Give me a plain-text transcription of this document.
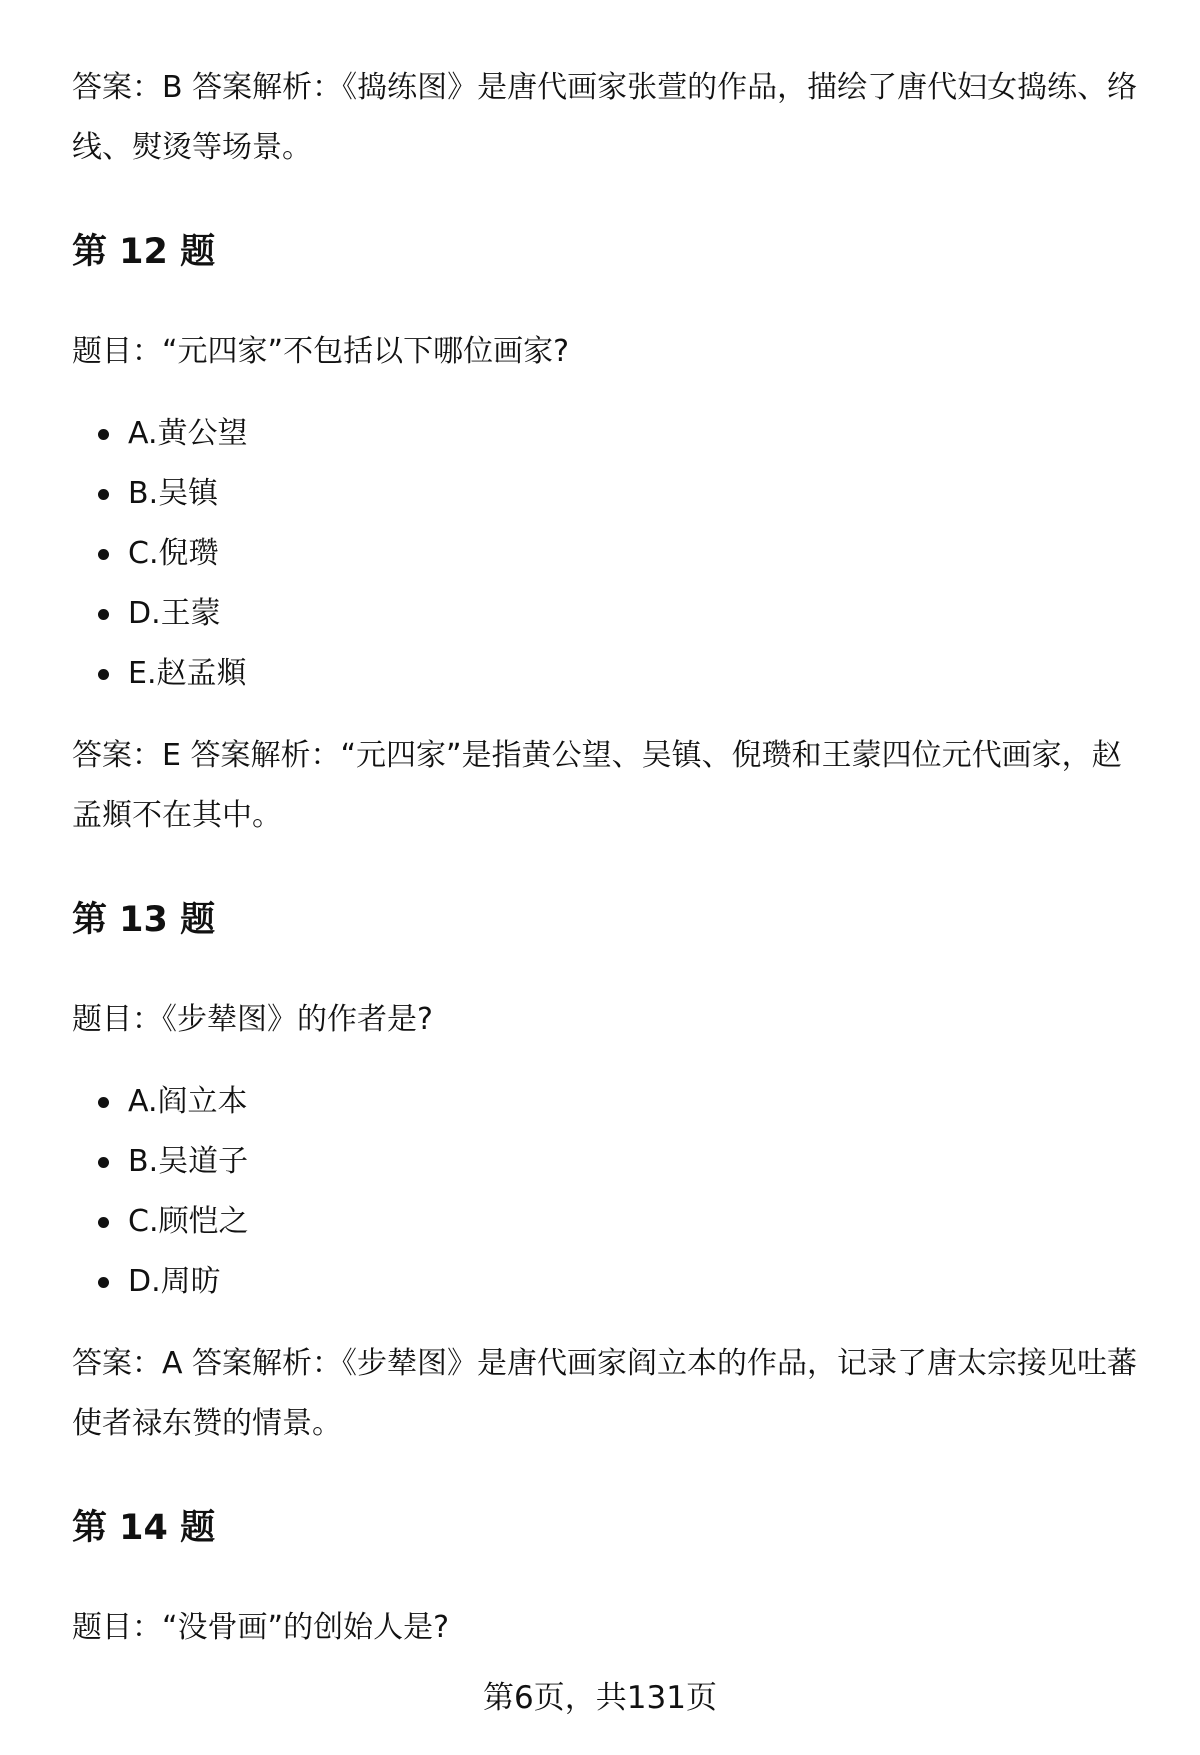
答案：B 答案解析：《捣练图》是唐代画家张萱的作品，描绘了唐代妇女捣练、络线、熨烫等场景。

第 12 题

题目：“元四家”不包括以下哪位画家?

A.黄公望
B.吴镇
C.倪瓒
D.王蒙
E.赵孟頫

答案：E 答案解析：“元四家”是指黄公望、吴镇、倪瓒和王蒙四位元代画家，赵孟頫不在其中。

第 13 题

题目：《步辇图》的作者是?

A.阎立本
B.吴道子
C.顾恺之
D.周昉

答案：A 答案解析：《步辇图》是唐代画家阎立本的作品，记录了唐太宗接见吐蕃使者禄东赞的情景。

第 14 题

题目：“没骨画”的创始人是?

第6页，共131页
